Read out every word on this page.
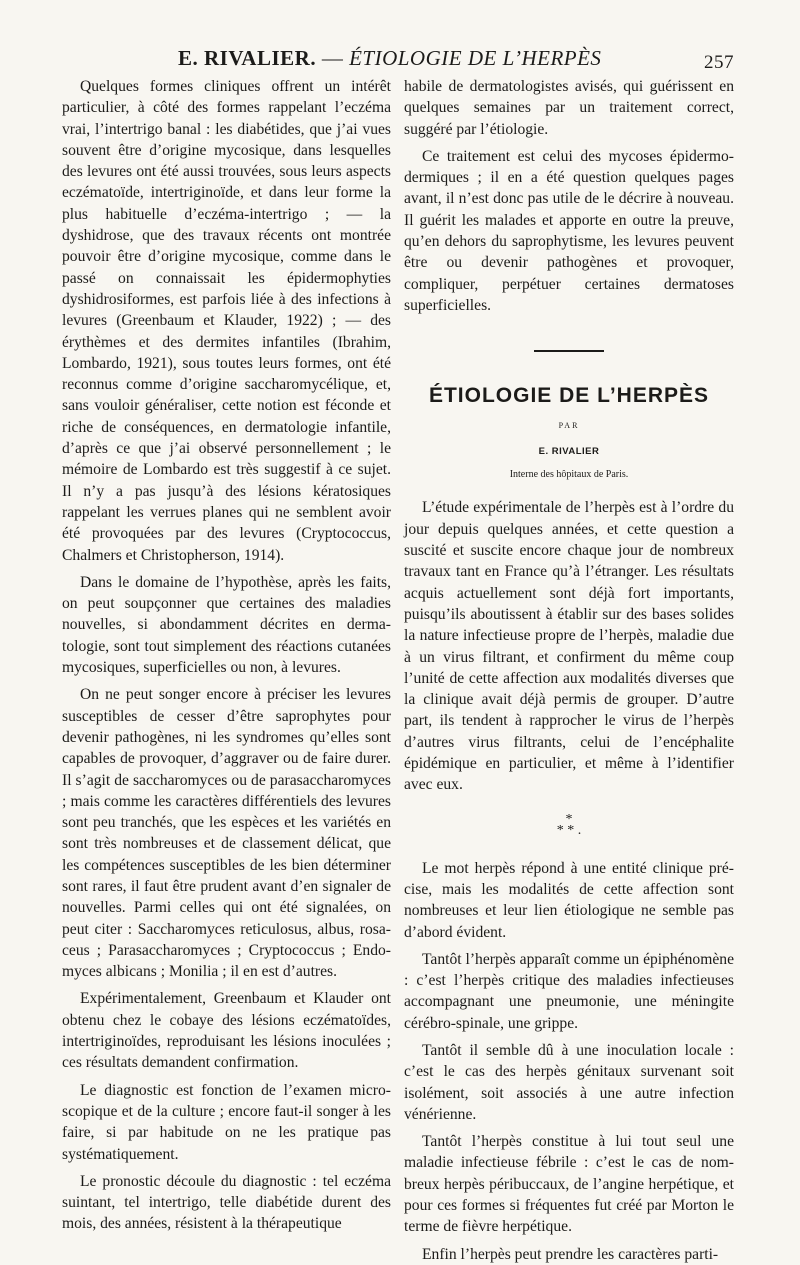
E. RIVALIER. — ÉTIOLOGIE DE L’HERPÈS	257

Quelques formes cliniques offrent un intérêt particulier, à côté des formes rappelant l’eczéma vrai, l’intertrigo banal : les diabétides, que j’ai vues souvent être d’origine mycosique, dans lesquelles des levures ont été aussi trouvées, sous leurs aspects eczématoïde, intertriginoïde, et dans leur forme la plus habituelle d’eczéma-intertrigo ; — la dyshidrose, que des travaux récents ont montrée pouvoir être d’origine mycosique, comme dans le passé on connaissait les épidermophyties dyshidrosiformes, est parfois liée à des infections à levures (Greenbaum et Klauder, 1922) ; — des érythèmes et des dermites infantiles (Ibrahim, Lombardo, 1921), sous toutes leurs formes, ont été reconnus comme d’origine saccharomycélique, et, sans vouloir généraliser, cette notion est féconde et riche de conséquences, en dermatologie infantile, d’après ce que j’ai observé personnellement ; le mémoire de Lombardo est très suggestif à ce sujet. Il n’y a pas jusqu’à des lésions kératosiques rappelant les verrues planes qui ne semblent avoir été provoquées par des levures (Cryptococcus, Chalmers et Christopherson, 1914).

Dans le domaine de l’hypothèse, après les faits, on peut soupçonner que certaines des maladies nouvelles, si abondamment décrites en dermatologie, sont tout simplement des réactions cutanées mycosiques, superficielles ou non, à levures.

On ne peut songer encore à préciser les levures susceptibles de cesser d’être saprophytes pour devenir pathogènes, ni les syndromes qu’elles sont capables de provoquer, d’aggraver ou de faire durer. Il s’agit de saccharomyces ou de parasaccharomyces ; mais comme les caractères différentiels des levures sont peu tranchés, que les espèces et les variétés en sont très nombreuses et de classement délicat, que les compétences susceptibles de les bien déterminer sont rares, il faut être prudent avant d’en signaler de nouvelles. Parmi celles qui ont été signalées, on peut citer : Saccharomyces reticulosus, albus, rosaceus ; Parasaccharomyces ; Cryptococcus ; Endomyces albicans ; Monilia ; il en est d’autres.

Expérimentalement, Greenbaum et Klauder ont obtenu chez le cobaye des lésions eczématoïdes, intertriginoïdes, reproduisant les lésions inoculées ; ces résultats demandent confirmation.

Le diagnostic est fonction de l’examen microscopique et de la culture ; encore faut-il songer à les faire, si par habitude on ne les pratique pas systématiquement.

Le pronostic découle du diagnostic : tel eczéma suintant, tel intertrigo, telle diabétide durent des mois, des années, résistent à la thérapeutique

habile de dermatologistes avisés, qui guérissent en quelques semaines par un traitement correct, suggéré par l’étiologie.

Ce traitement est celui des mycoses épidermodermiques ; il en a été question quelques pages avant, il n’est donc pas utile de le décrire à nouveau. Il guérit les malades et apporte en outre la preuve, qu’en dehors du saprophytisme, les levures peuvent être ou devenir pathogènes et provoquer, compliquer, perpétuer certaines dermatoses superficielles.

ÉTIOLOGIE DE L’HERPÈS
PAR
E. RIVALIER
Interne des hôpitaux de Paris.

L’étude expérimentale de l’herpès est à l’ordre du jour depuis quelques années, et cette question a suscité et suscite encore chaque jour de nombreux travaux tant en France qu’à l’étranger. Les résultats acquis actuellement sont déjà fort importants, puisqu’ils aboutissent à établir sur des bases solides la nature infectieuse propre de l’herpès, maladie due à un virus filtrant, et confirment du même coup l’unité de cette affection aux modalités diverses que la clinique avait déjà permis de grouper. D’autre part, ils tendent à rapprocher le virus de l’herpès d’autres virus filtrants, celui de l’encéphalite épidémique en particulier, et même à l’identifier avec eux.

*
* * .

Le mot herpès répond à une entité clinique précise, mais les modalités de cette affection sont nombreuses et leur lien étiologique ne semble pas d’abord évident.

Tantôt l’herpès apparaît comme un épiphénomène : c’est l’herpès critique des maladies infectieuses accompagnant une pneumonie, une méningite cérébro-spinale, une grippe.

Tantôt il semble dû à une inoculation locale : c’est le cas des herpès génitaux survenant soit isolément, soit associés à une autre infection vénérienne.

Tantôt l’herpès constitue à lui tout seul une maladie infectieuse fébrile : c’est le cas de nombreux herpès péribuccaux, de l’angine herpétique, et pour ces formes si fréquentes fut créé par Morton le terme de fièvre herpétique.

Enfin l’herpès peut prendre les caractères parti-
